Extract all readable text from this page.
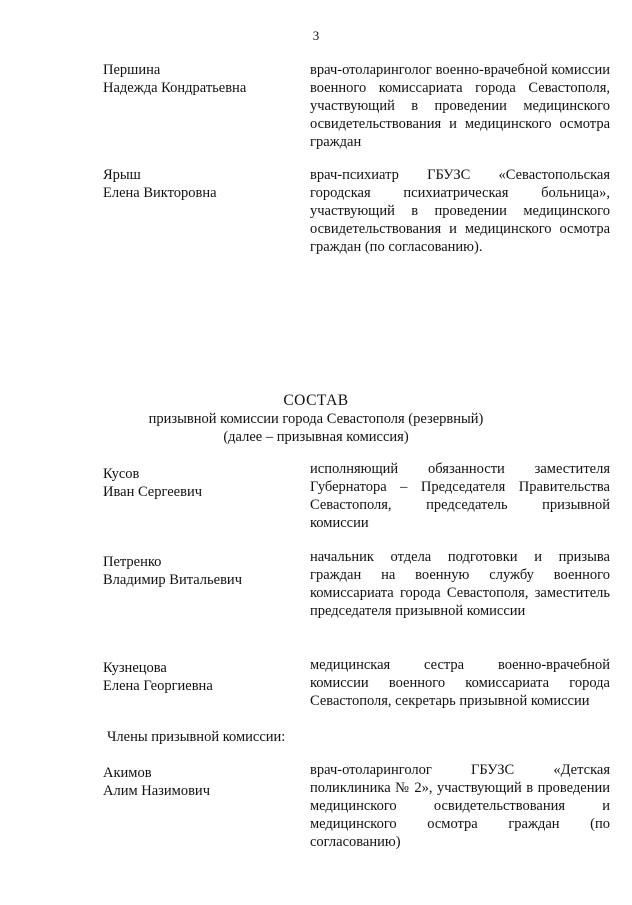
3
Першина
Надежда Кондратьевна
врач-отоларинголог военно-врачебной комиссии военного комиссариата города Севастополя, участвующий в проведении медицинского освидетельствования и медицинского осмотра граждан
Ярыш
Елена Викторовна
врач-психиатр ГБУЗС «Севастопольская городская психиатрическая больница», участвующий в проведении медицинского освидетельствования и медицинского осмотра граждан (по согласованию).
СОСТАВ
призывной комиссии города Севастополя (резервный)
(далее – призывная комиссия)
Кусов
Иван Сергеевич
исполняющий обязанности заместителя Губернатора – Председателя Правительства Севастополя, председатель призывной комиссии
Петренко
Владимир Витальевич
начальник отдела подготовки и призыва граждан на военную службу военного комиссариата города Севастополя, заместитель председателя призывной комиссии
Кузнецова
Елена Георгиевна
медицинская сестра военно-врачебной комиссии военного комиссариата города Севастополя, секретарь призывной комиссии
Члены призывной комиссии:
Акимов
Алим Назимович
врач-отоларинголог ГБУЗС «Детская поликлиника № 2», участвующий в проведении медицинского освидетельствования и медицинского осмотра граждан (по согласованию)
